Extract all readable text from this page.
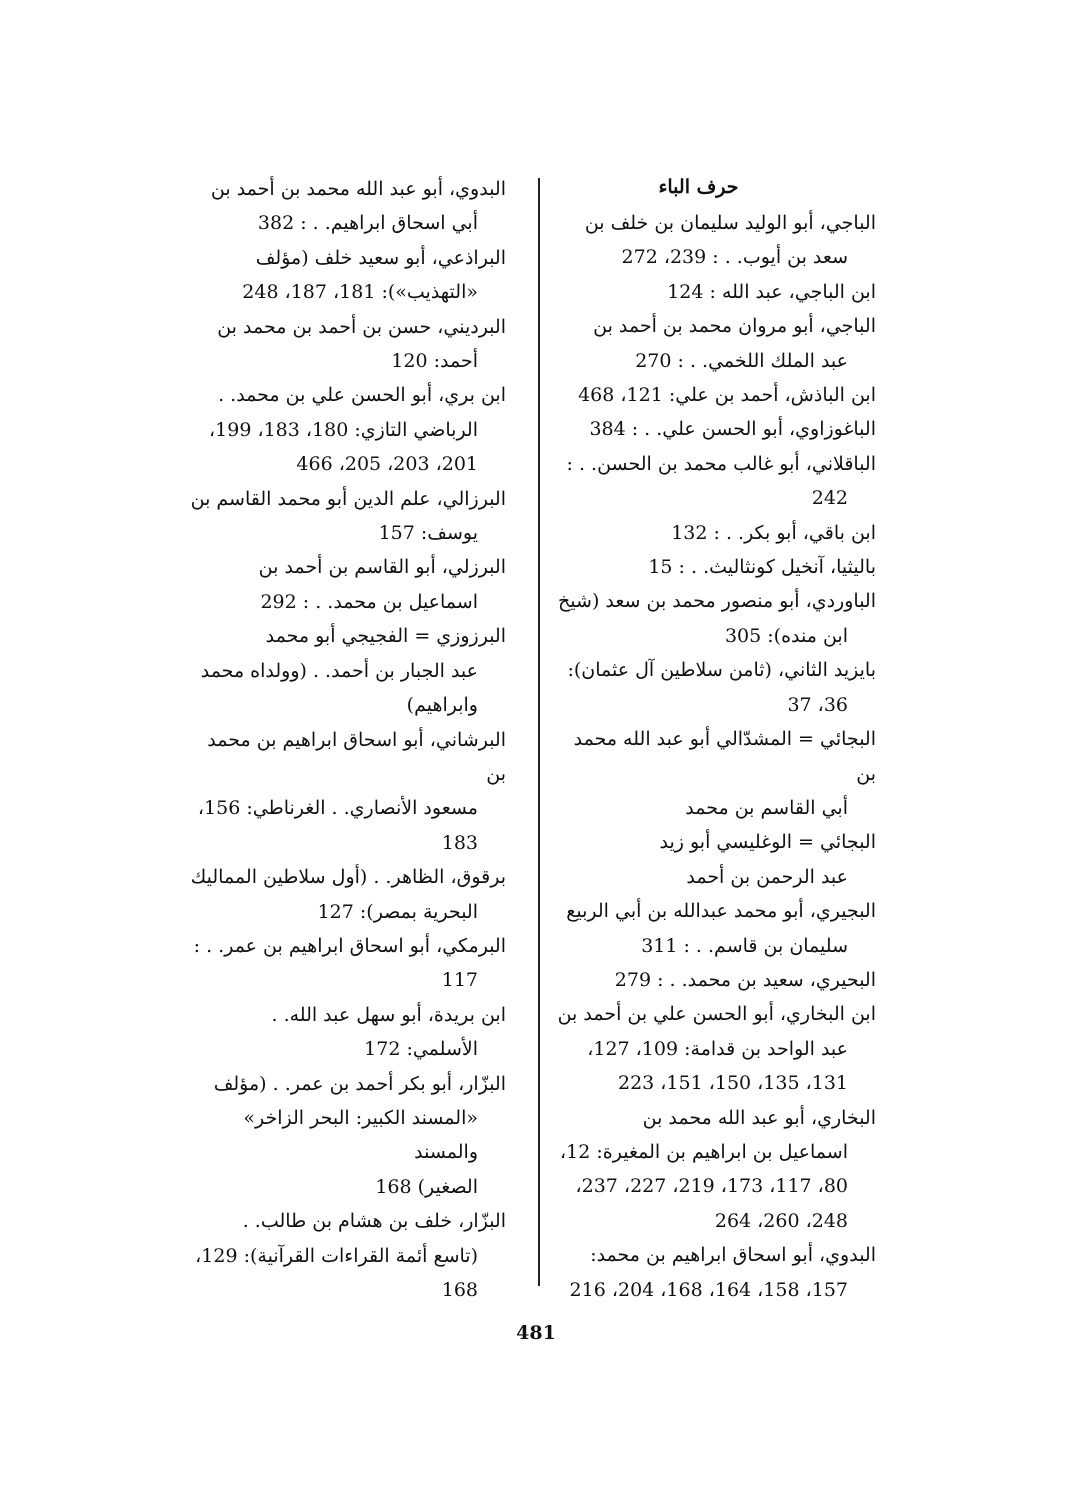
حرف الباء

الباجي، أبو الوليد سليمان بن خلف بن
سعد بن أيوب. . : 239، 272

ابن الباجي، عبد الله : 124

الباجي، أبو مروان محمد بن أحمد بن
عبد الملك اللخمي. . : 270

ابن الباذش، أحمد بن علي: 121، 468

الباغوزاوي، أبو الحسن علي. . : 384

الباقلاني، أبو غالب محمد بن الحسن. . :
242

ابن باقي، أبو بكر. . : 132

باليثيا، آنخيل كونثاليث. . : 15

الباوردي، أبو منصور محمد بن سعد (شيخ
ابن منده): 305

بايزيد الثاني، (ثامن سلاطين آل عثمان):
36، 37

البجائي = المشدّالي أبو عبد الله محمد بن
أبي القاسم بن محمد

البجائي = الوغليسي أبو زيد
عبد الرحمن بن أحمد

البجيري، أبو محمد عبدالله بن أبي الربيع
سليمان بن قاسم. . : 311

البحيري، سعيد بن محمد. . : 279

ابن البخاري، أبو الحسن علي بن أحمد بن
عبد الواحد بن قدامة: 109، 127،
131، 135، 150، 151، 223

البخاري، أبو عبد الله محمد بن
اسماعيل بن ابراهيم بن المغيرة: 12،
80، 117، 173، 219، 227، 237،
248، 260، 264

البدوي، أبو اسحاق ابراهيم بن محمد:
157، 158، 164، 168، 204، 216

البدوي، أبو عبد الله محمد بن أحمد بن
أبي اسحاق ابراهيم. . : 382

البراذعي، أبو سعيد خلف (مؤلف
«التهذيب»): 181، 187، 248

البرديني، حسن بن أحمد بن محمد بن
أحمد: 120

ابن بري، أبو الحسن علي بن محمد. .
الرباضي التازي: 180، 183، 199،
201، 203، 205، 466

البرزالي، علم الدين أبو محمد القاسم بن
يوسف: 157

البرزلي، أبو القاسم بن أحمد بن
اسماعيل بن محمد. . : 292

البرزوزي = الفجيجي أبو محمد
عبد الجبار بن أحمد. . (وولداه محمد
وابراهيم)

البرشاني، أبو اسحاق ابراهيم بن محمد بن
مسعود الأنصاري. . الغرناطي: 156،
183

برقوق، الظاهر. . (أول سلاطين المماليك
البحرية بمصر): 127

البرمكي، أبو اسحاق ابراهيم بن عمر. . :
117

ابن بريدة، أبو سهل عبد الله. .
الأسلمي: 172

البزّار، أبو بكر أحمد بن عمر. . (مؤلف
«المسند الكبير: البحر الزاخر» والمسند
الصغير) 168

البزّار، خلف بن هشام بن طالب. .
(تاسع أئمة القراءات القرآنية): 129،
168

481
